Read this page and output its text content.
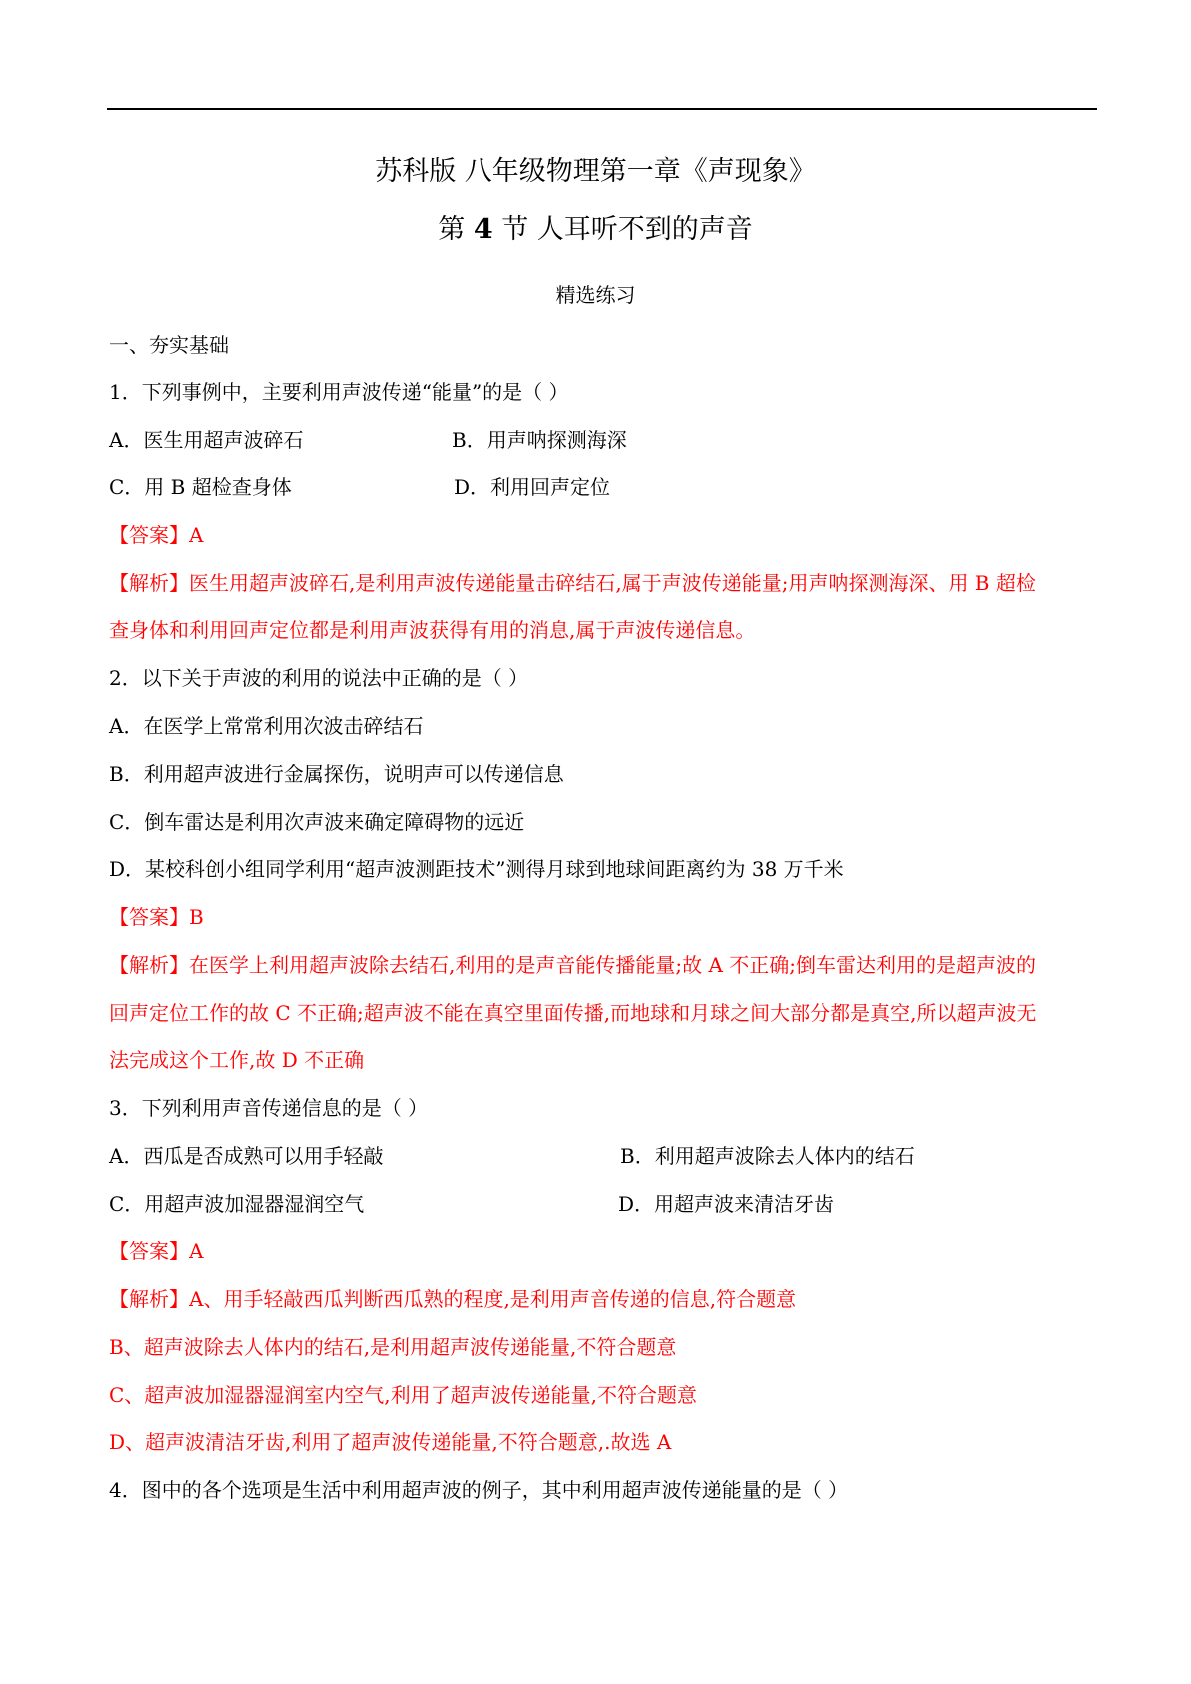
苏科版 八年级物理第一章《声现象》
第 4 节 人耳听不到的声音
精选练习
一、夯实基础
1．下列事例中，主要利用声波传递“能量”的是（ ）
A．医生用超声波碎石	B．用声呐探测海深
C．用 B 超检查身体	D．利用回声定位
【答案】A
【解析】医生用超声波碎石,是利用声波传递能量击碎结石,属于声波传递能量;用声呐探测海深、用 B 超检
查身体和利用回声定位都是利用声波获得有用的消息,属于声波传递信息。
2．以下关于声波的利用的说法中正确的是（ ）
A．在医学上常常利用次波击碎结石
B．利用超声波进行金属探伤，说明声可以传递信息
C．倒车雷达是利用次声波来确定障碍物的远近
D．某校科创小组同学利用“超声波测距技术”测得月球到地球间距离约为 38 万千米
【答案】B
【解析】在医学上利用超声波除去结石,利用的是声音能传播能量;故 A 不正确;倒车雷达利用的是超声波的
回声定位工作的故 C 不正确;超声波不能在真空里面传播,而地球和月球之间大部分都是真空,所以超声波无
法完成这个工作,故 D 不正确
3．下列利用声音传递信息的是（ ）
A．西瓜是否成熟可以用手轻敲	B．利用超声波除去人体内的结石
C．用超声波加湿器湿润空气	D．用超声波来清洁牙齿
【答案】A
【解析】A、用手轻敲西瓜判断西瓜熟的程度,是利用声音传递的信息,符合题意
B、超声波除去人体内的结石,是利用超声波传递能量,不符合题意
C、超声波加湿器湿润室内空气,利用了超声波传递能量,不符合题意
D、超声波清洁牙齿,利用了超声波传递能量,不符合题意,.故选 A
4．图中的各个选项是生活中利用超声波的例子，其中利用超声波传递能量的是（ ）
